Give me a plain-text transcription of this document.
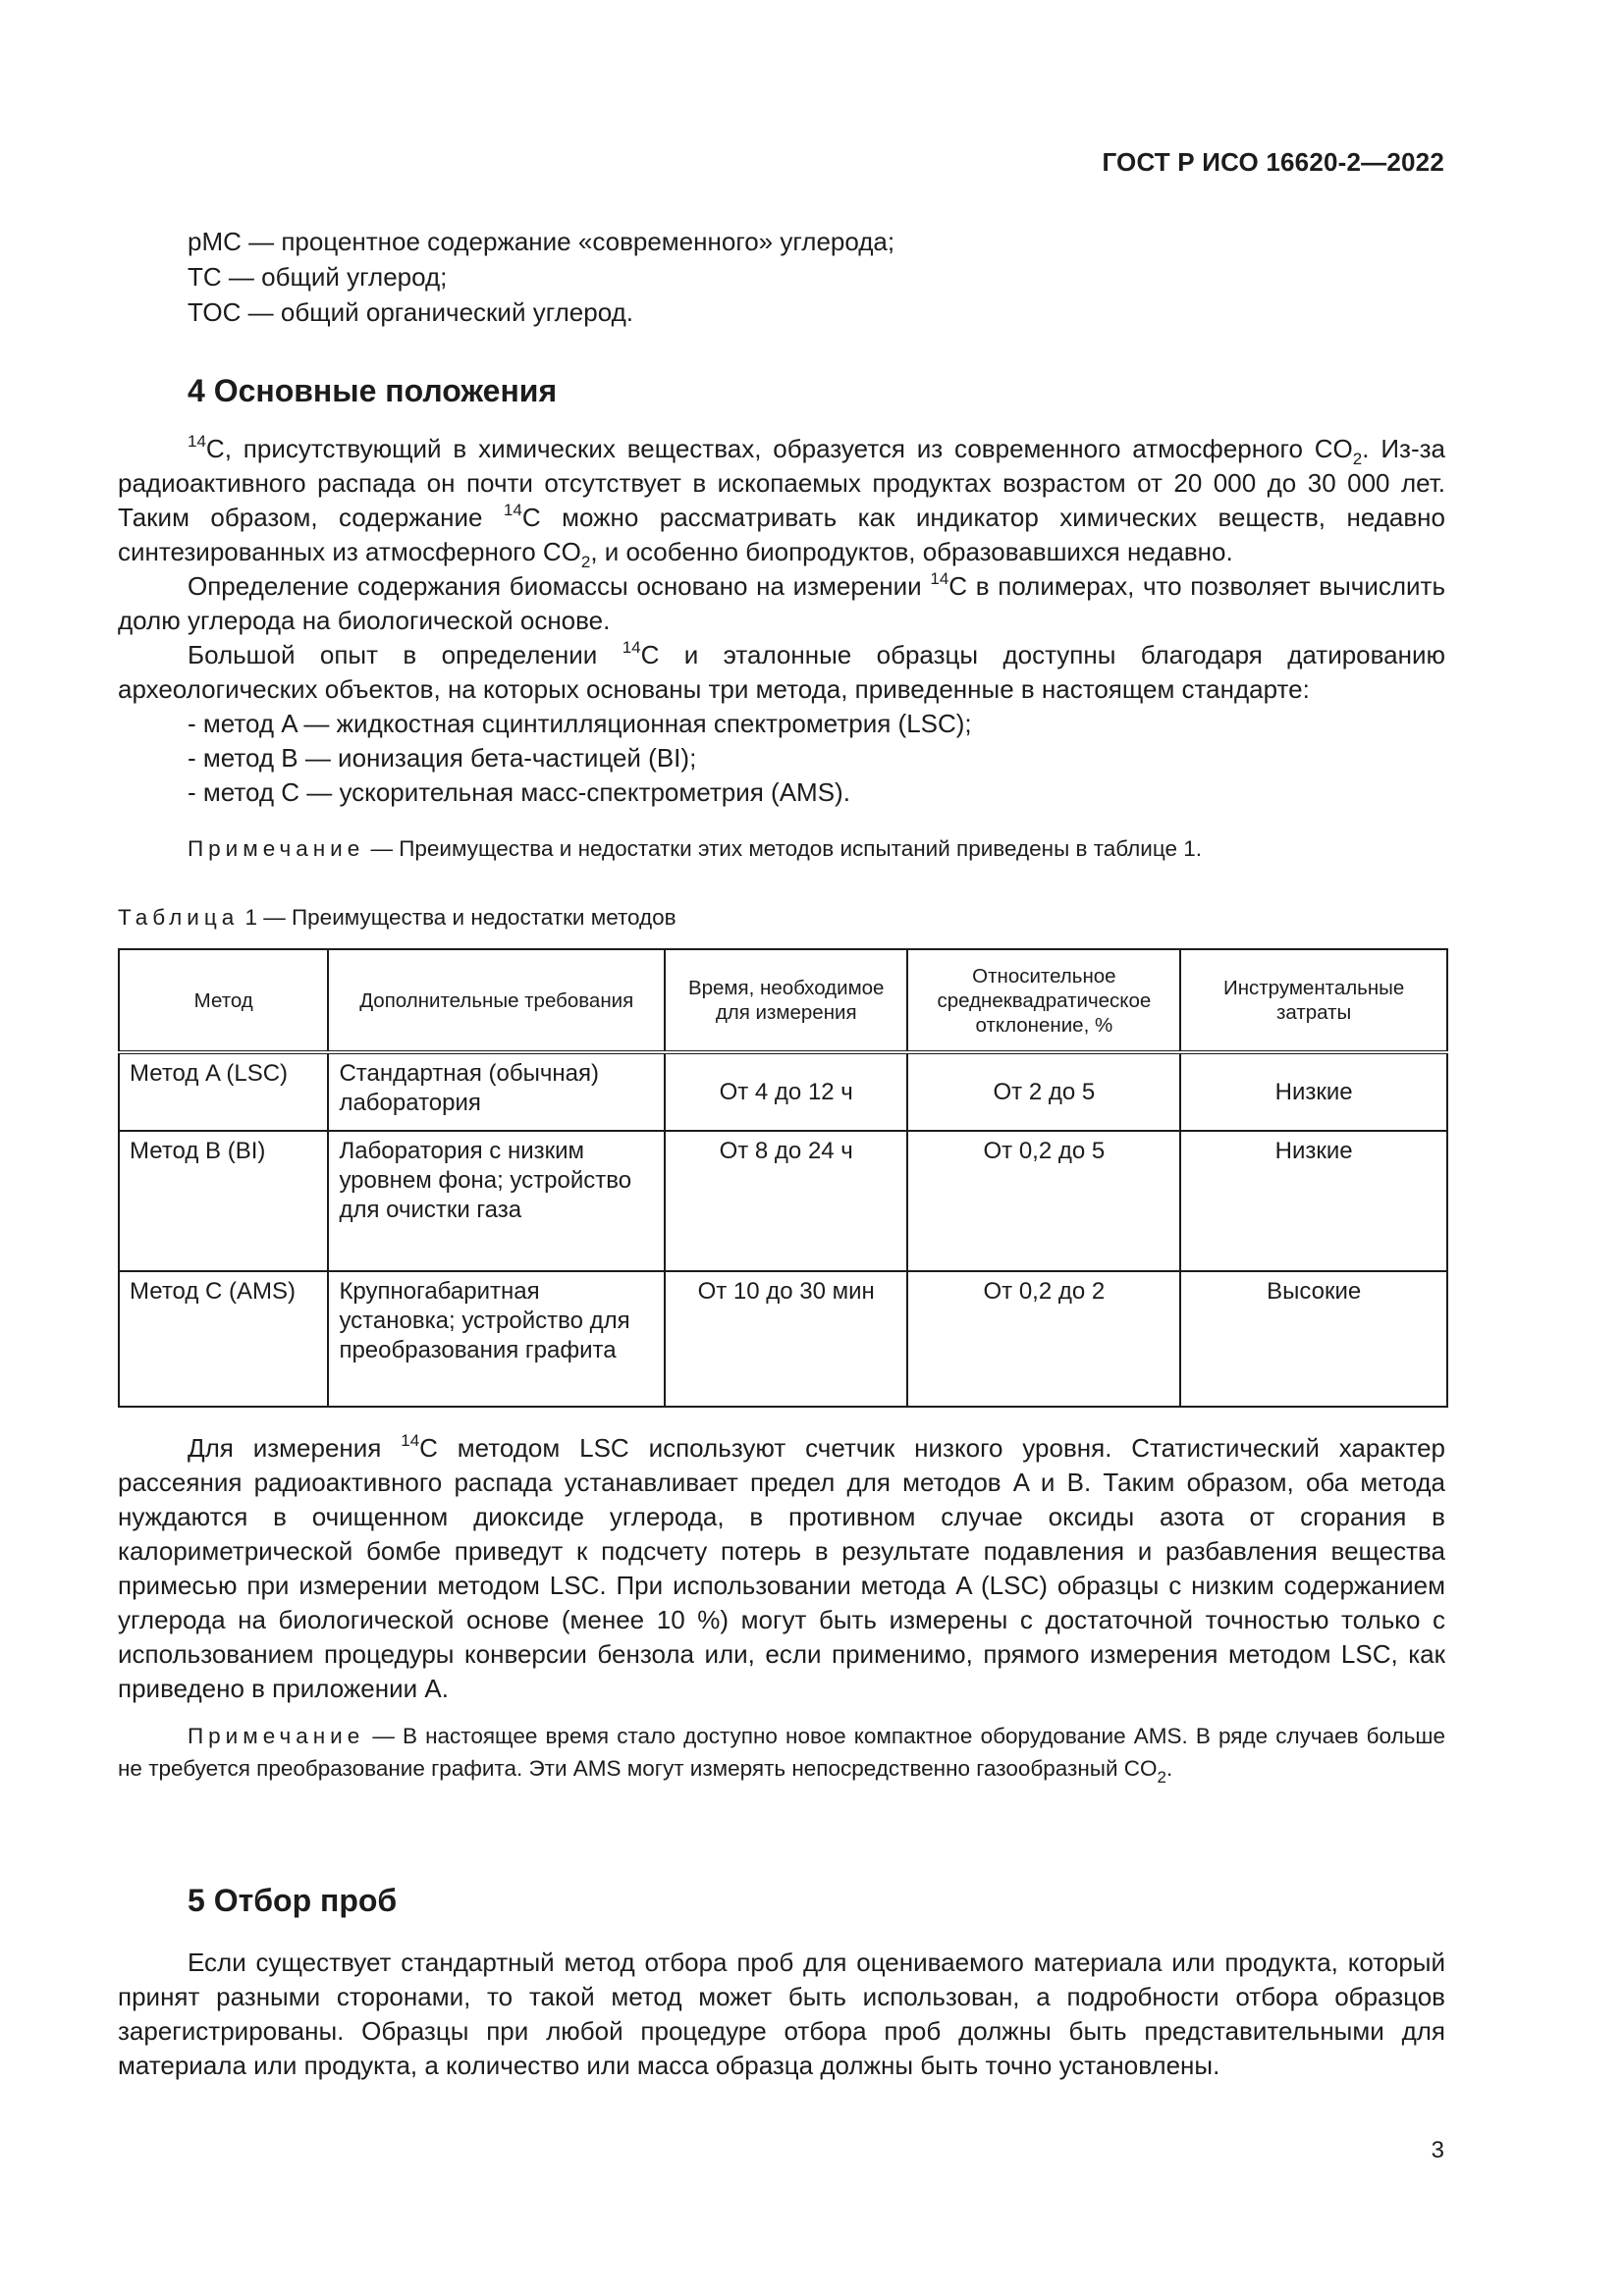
ГОСТ Р ИСО 16620-2—2022
pMC — процентное содержание «современного» углерода;
TC — общий углерод;
TOC — общий органический углерод.
4 Основные положения

$^{14}$C, присутствующий в химических веществах, образуется из современного атмосферного $CO_2$. Из-за радиоактивного распада он почти отсутствует в ископаемых продуктах возрастом от 20 000 до 30 000 лет. Таким образом, содержание $^{14}$C можно рассматривать как индикатор химических веществ, недавно синтезированных из атмосферного $CO_2$, и особенно биопродуктов, образовавшихся недавно.

Определение содержания биомассы основано на измерении $^{14}$C в полимерах, что позволяет вычислить долю углерода на биологической основе.

Большой опыт в определении $^{14}$C и эталонные образцы доступны благодаря датированию археологических объектов, на которых основаны три метода, приведенные в настоящем стандарте:

- метод A — жидкостная сцинтилляционная спектрометрия (LSC);
- метод B — ионизация бета-частицей (BI);
- метод C — ускорительная масс-спектрометрия (AMS).
Примечание — Преимущества и недостатки этих методов испытаний приведены в таблице 1.
Таблица 1 — Преимущества и недостатки методов
Метод	Дополнительные требования	Время, необходимое для измерения	Относительное среднеквадратическое отклонение, %	Инструментальные затраты
Метод A (LSC)	Стандартная (обычная) лаборатория	От 4 до 12 ч	От 2 до 5	Низкие
Метод B (BI)	Лаборатория с низким уровнем фона; устройство для очистки газа	От 8 до 24 ч	От 0,2 до 5	Низкие
Метод C (AMS)	Крупногабаритная установка; устройство для преобразования графита	От 10 до 30 мин	От 0,2 до 2	Высокие

Для измерения $^{14}$C методом LSC используют счетчик низкого уровня. Статистический характер рассеяния радиоактивного распада устанавливает предел для методов A и B. Таким образом, оба метода нуждаются в очищенном диоксиде углерода, в противном случае оксиды азота от сгорания в калориметрической бомбе приведут к подсчету потерь в результате подавления и разбавления вещества примесью при измерении методом LSC. При использовании метода A (LSC) образцы с низким содержанием углерода на биологической основе (менее 10 %) могут быть измерены с достаточной точностью только с использованием процедуры конверсии бензола или, если применимо, прямого измерения методом LSC, как приведено в приложении A.

Примечание — В настоящее время стало доступно новое компактное оборудование AMS. В ряде случаев больше не требуется преобразование графита. Эти AMS могут измерять непосредственно газообразный $CO_2$.
5 Отбор проб

Если существует стандартный метод отбора проб для оцениваемого материала или продукта, который принят разными сторонами, то такой метод может быть использован, а подробности отбора образцов зарегистрированы. Образцы при любой процедуре отбора проб должны быть представительными для материала или продукта, а количество или масса образца должны быть точно установлены.

3
